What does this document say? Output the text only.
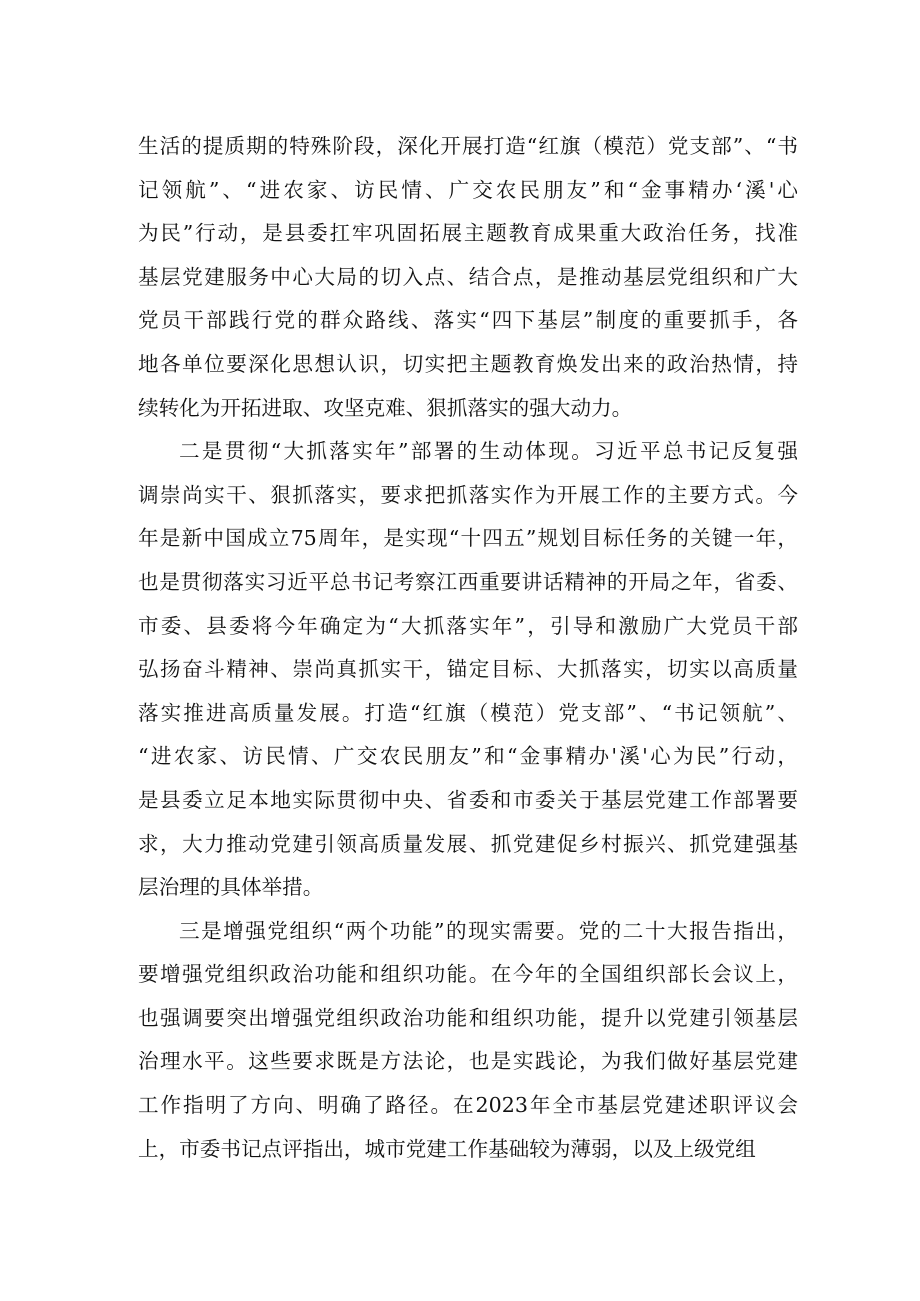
生活的提质期的特殊阶段，深化开展打造“红旗（模范）党支部”、“书
记领航”、“进农家、访民情、广交农民朋友”和“金事精办‘溪'心
为民”行动，是县委扛牢巩固拓展主题教育成果重大政治任务，找准
基层党建服务中心大局的切入点、结合点，是推动基层党组织和广大
党员干部践行党的群众路线、落实“四下基层”制度的重要抓手，各
地各单位要深化思想认识，切实把主题教育焕发出来的政治热情，持
续转化为开拓进取、攻坚克难、狠抓落实的强大动力。
二是贯彻“大抓落实年”部署的生动体现。习近平总书记反复强
调崇尚实干、狠抓落实，要求把抓落实作为开展工作的主要方式。今
年是新中国成立75周年，是实现“十四五”规划目标任务的关键一年，
也是贯彻落实习近平总书记考察江西重要讲话精神的开局之年，省委、
市委、县委将今年确定为“大抓落实年”，引导和激励广大党员干部
弘扬奋斗精神、崇尚真抓实干，锚定目标、大抓落实，切实以高质量
落实推进高质量发展。打造“红旗（模范）党支部”、“书记领航”、
“进农家、访民情、广交农民朋友”和“金事精办'溪'心为民”行动，
是县委立足本地实际贯彻中央、省委和市委关于基层党建工作部署要
求，大力推动党建引领高质量发展、抓党建促乡村振兴、抓党建强基
层治理的具体举措。
三是增强党组织“两个功能”的现实需要。党的二十大报告指出，
要增强党组织政治功能和组织功能。在今年的全国组织部长会议上，
也强调要突出增强党组织政治功能和组织功能，提升以党建引领基层
治理水平。这些要求既是方法论，也是实践论，为我们做好基层党建
工作指明了方向、明确了路径。在2023年全市基层党建述职评议会
上，市委书记点评指出，城市党建工作基础较为薄弱，以及上级党组
